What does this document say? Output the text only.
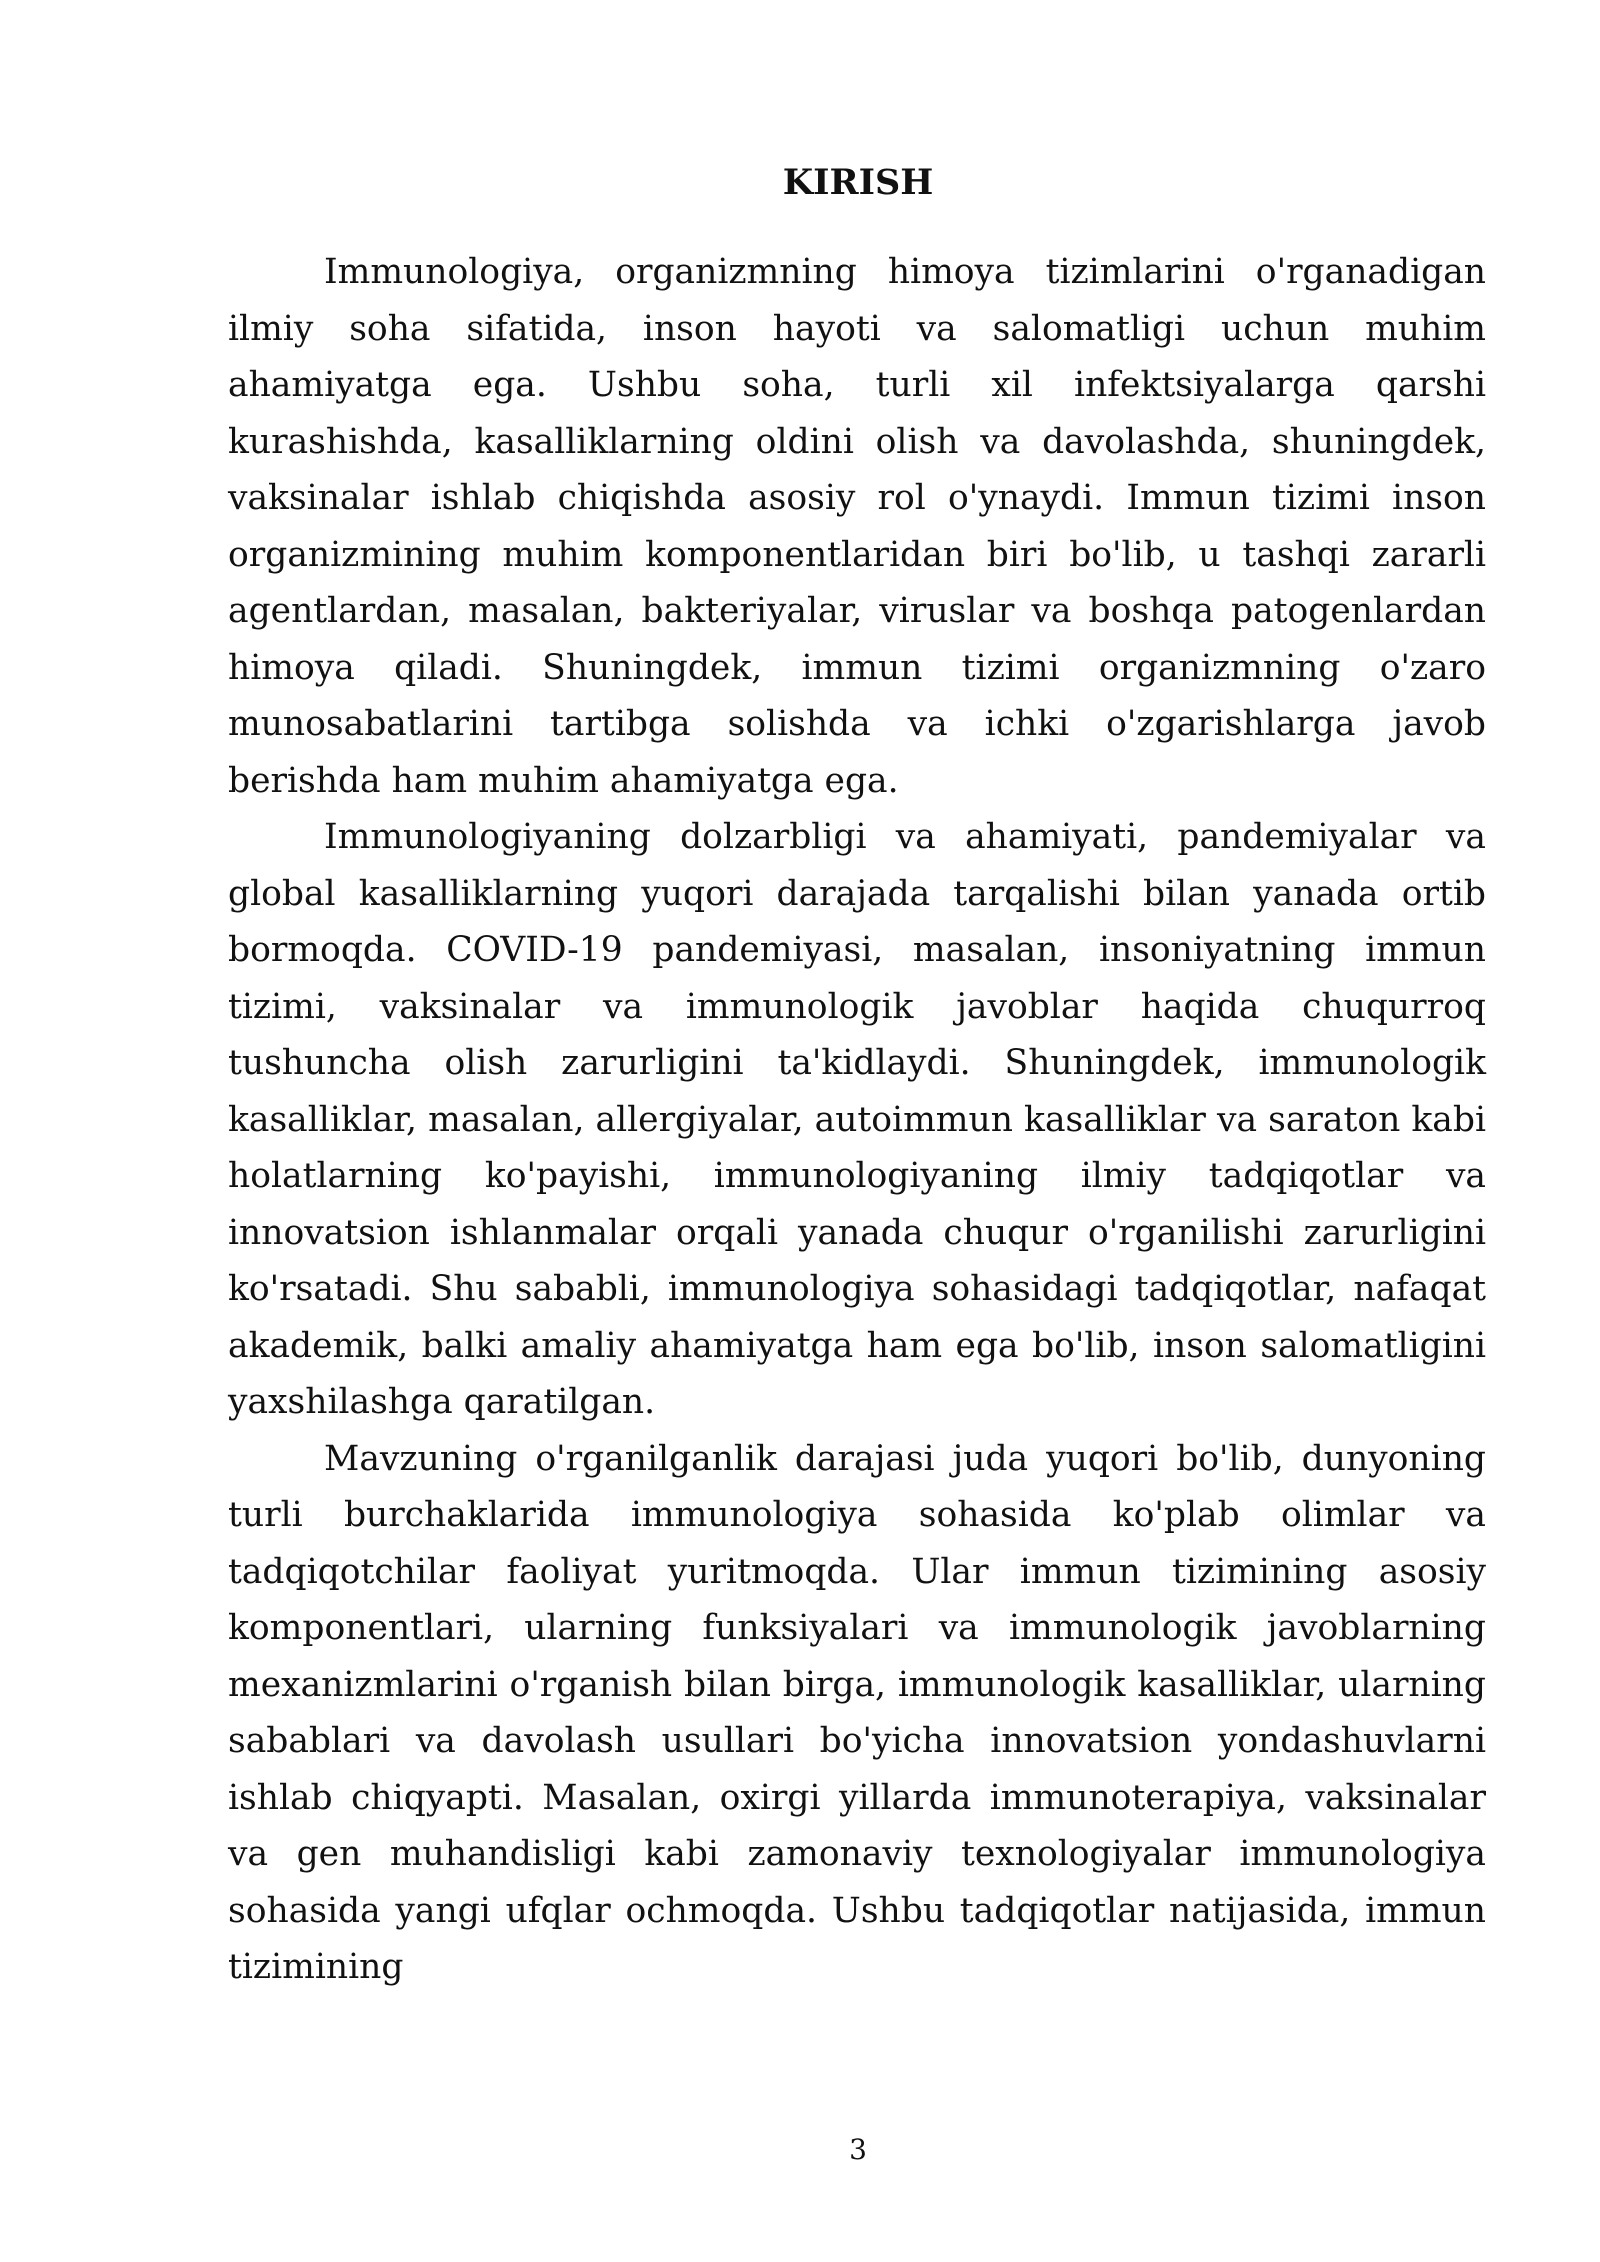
KIRISH

Immunologiya, organizmning himoya tizimlarini o'rganadigan ilmiy soha sifatida, inson hayoti va salomatligi uchun muhim ahamiyatga ega. Ushbu soha, turli xil infektsiyalarga qarshi kurashishda, kasalliklarning oldini olish va davolashda, shuningdek, vaksinalar ishlab chiqishda asosiy rol o'ynaydi. Immun tizimi inson organizmining muhim komponentlaridan biri bo'lib, u tashqi zararli agentlardan, masalan, bakteriyalar, viruslar va boshqa patogenlardan himoya qiladi. Shuningdek, immun tizimi organizmning o'zaro munosabatlarini tartibga solishda va ichki o'zgarishlarga javob berishda ham muhim ahamiyatga ega.

Immunologiyaning dolzarbligi va ahamiyati, pandemiyalar va global kasalliklarning yuqori darajada tarqalishi bilan yanada ortib bormoqda. COVID-19 pandemiyasi, masalan, insoniyatning immun tizimi, vaksinalar va immunologik javoblar haqida chuqurroq tushuncha olish zarurligini ta'kidlaydi. Shuningdek, immunologik kasalliklar, masalan, allergiyalar, autoimmun kasalliklar va saraton kabi holatlarning ko'payishi, immunologiyaning ilmiy tadqiqotlar va innovatsion ishlanmalar orqali yanada chuqur o'rganilishi zarurligini ko'rsatadi. Shu sababli, immunologiya sohasidagi tadqiqotlar, nafaqat akademik, balki amaliy ahamiyatga ham ega bo'lib, inson salomatligini yaxshilashga qaratilgan.

Mavzuning o'rganilganlik darajasi juda yuqori bo'lib, dunyoning turli burchaklarida immunologiya sohasida ko'plab olimlar va tadqiqotchilar faoliyat yuritmoqda. Ular immun tizimining asosiy komponentlari, ularning funksiyalari va immunologik javoblarning mexanizmlarini o'rganish bilan birga, immunologik kasalliklar, ularning sabablari va davolash usullari bo'yicha innovatsion yondashuvlarni ishlab chiqyapti. Masalan, oxirgi yillarda immunoterapiya, vaksinalar va gen muhandisligi kabi zamonaviy texnologiyalar immunologiya sohasida yangi ufqlar ochmoqda. Ushbu tadqiqotlar natijasida, immun tizimining

3
